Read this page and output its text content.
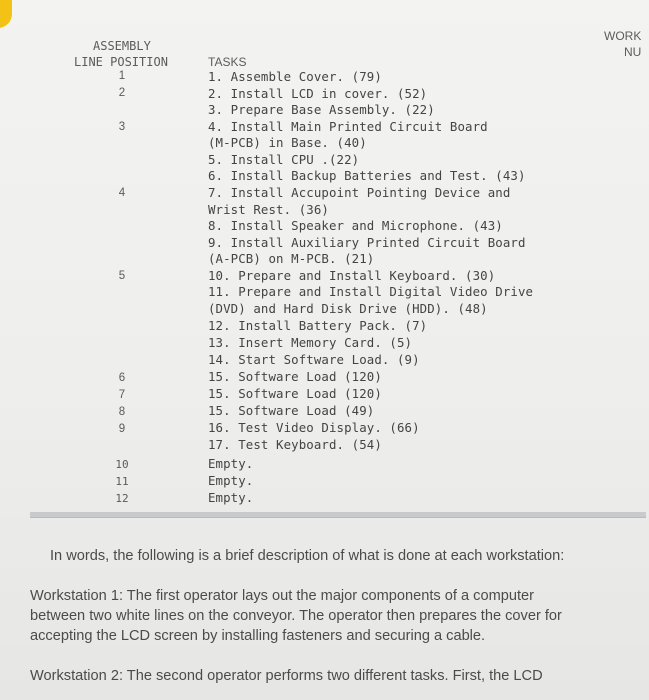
ASSEMBLY
LINE POSITION	TASKS
WORK
NU
1
2
3
4
5
6
7
8
9
10
11
12
1. Assemble Cover. (79)
2. Install LCD in cover. (52)
3. Prepare Base Assembly. (22)
4. Install Main Printed Circuit Board
(M-PCB) in Base. (40)
5. Install CPU .(22)
6. Install Backup Batteries and Test. (43)
7. Install Accupoint Pointing Device and
Wrist Rest. (36)
8. Install Speaker and Microphone. (43)
9. Install Auxiliary Printed Circuit Board
(A-PCB) on M-PCB. (21)
10. Prepare and Install Keyboard. (30)
11. Prepare and Install Digital Video Drive
(DVD) and Hard Disk Drive (HDD). (48)
12. Install Battery Pack. (7)
13. Insert Memory Card. (5)
14. Start Software Load. (9)
15. Software Load (120)
15. Software Load (120)
15. Software Load (49)
16. Test Video Display. (66)
17. Test Keyboard. (54)
Empty.
Empty.
Empty.
In words, the following is a brief description of what is done at each workstation:
Workstation 1: The first operator lays out the major components of a computer
between two white lines on the conveyor. The operator then prepares the cover for
accepting the LCD screen by installing fasteners and securing a cable.
Workstation 2: The second operator performs two different tasks. First, the LCD
